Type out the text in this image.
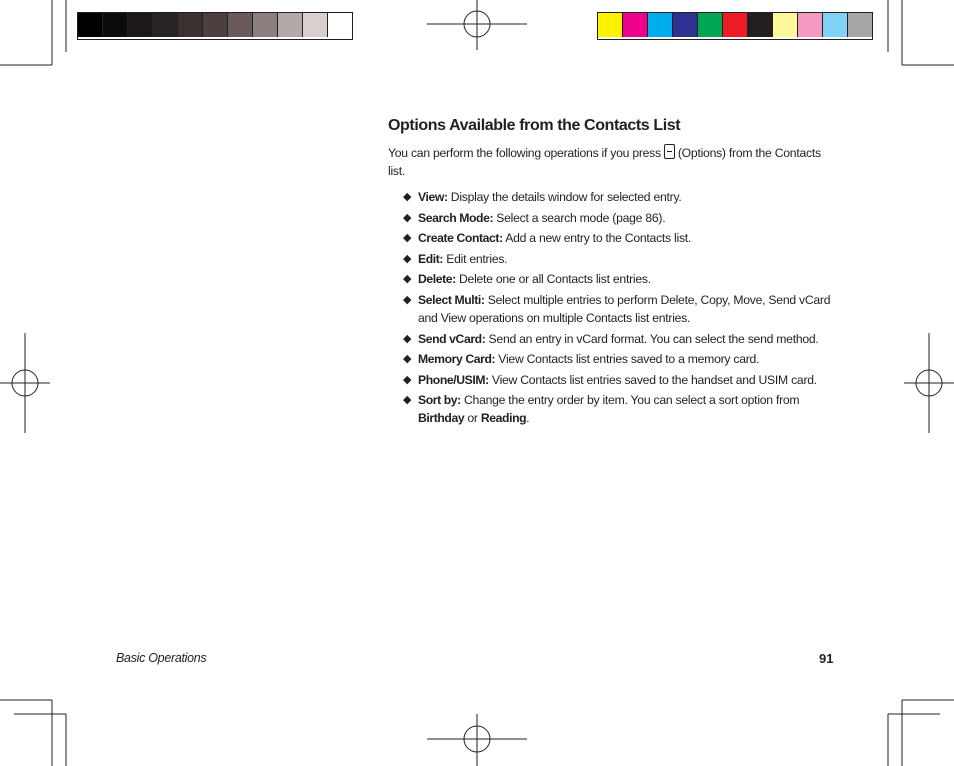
Options Available from the Contacts List

You can perform the following operations if you press (Options) from the Contacts list.

◆ View: Display the details window for selected entry.
◆ Search Mode: Select a search mode (page 86).
◆ Create Contact: Add a new entry to the Contacts list.
◆ Edit: Edit entries.
◆ Delete: Delete one or all Contacts list entries.
◆ Select Multi: Select multiple entries to perform Delete, Copy, Move, Send vCard and View operations on multiple Contacts list entries.
◆ Send vCard: Send an entry in vCard format. You can select the send method.
◆ Memory Card: View Contacts list entries saved to a memory card.
◆ Phone/USIM: View Contacts list entries saved to the handset and USIM card.
◆ Sort by: Change the entry order by item. You can select a sort option from Birthday or Reading.
Basic Operations	91
